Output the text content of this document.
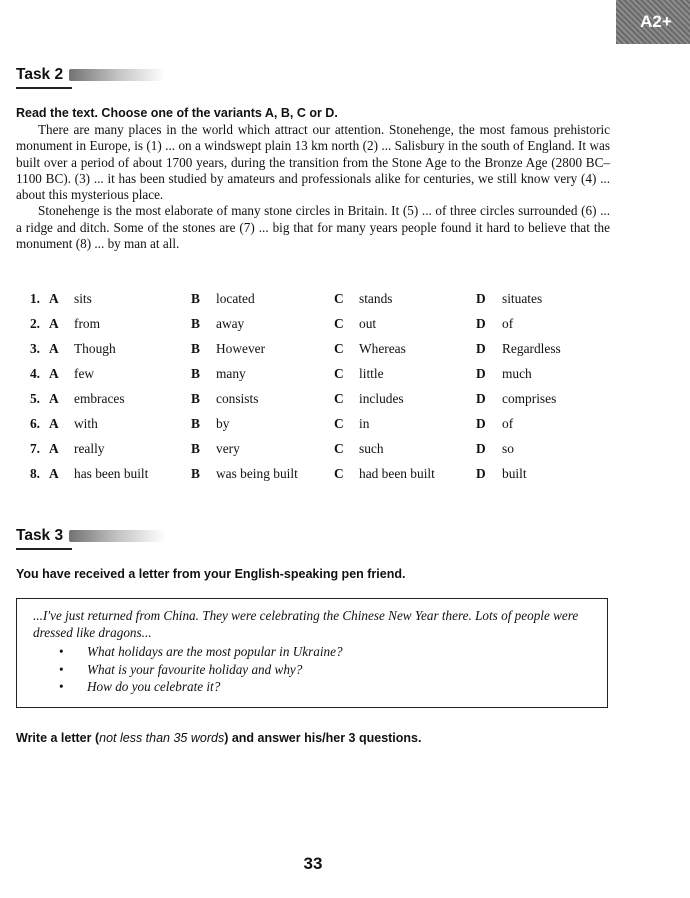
A2+
Task 2
Read the text. Choose one of the variants A, B, C or D.

There are many places in the world which attract our attention. Stonehenge, the most famous prehistoric monument in Europe, is (1) ... on a windswept plain 13 km north (2) ... Salisbury in the south of England. It was built over a period of about 1700 years, during the transition from the Stone Age to the Bronze Age (2800 BC–1100 BC). (3) ... it has been studied by amateurs and professionals alike for centuries, we still know very (4) ... about this mysterious place.

Stonehenge is the most elaborate of many stone circles in Britain. It (5) ... of three circles surrounded (6) ... a ridge and ditch. Some of the stones are (7) ... big that for many years people found it hard to believe that the monument (8) ... by man at all.

1. A sits	B located	C stands	D situates
2. A from	B away	C out	D of
3. A Though	B However	C Whereas	D Regardless
4. A few	B many	C little	D much
5. A embraces	B consists	C includes	D comprises
6. A with	B by	C in	D of
7. A really	B very	C such	D so
8. A has been built	B was being built	C had been built	D built
Task 3
You have received a letter from your English-speaking pen friend.
...I've just returned from China. They were celebrating the Chinese New Year there. Lots of people were dressed like dragons...
• What holidays are the most popular in Ukraine?
• What is your favourite holiday and why?
• How do you celebrate it?
Write a letter (not less than 35 words) and answer his/her 3 questions.
33
